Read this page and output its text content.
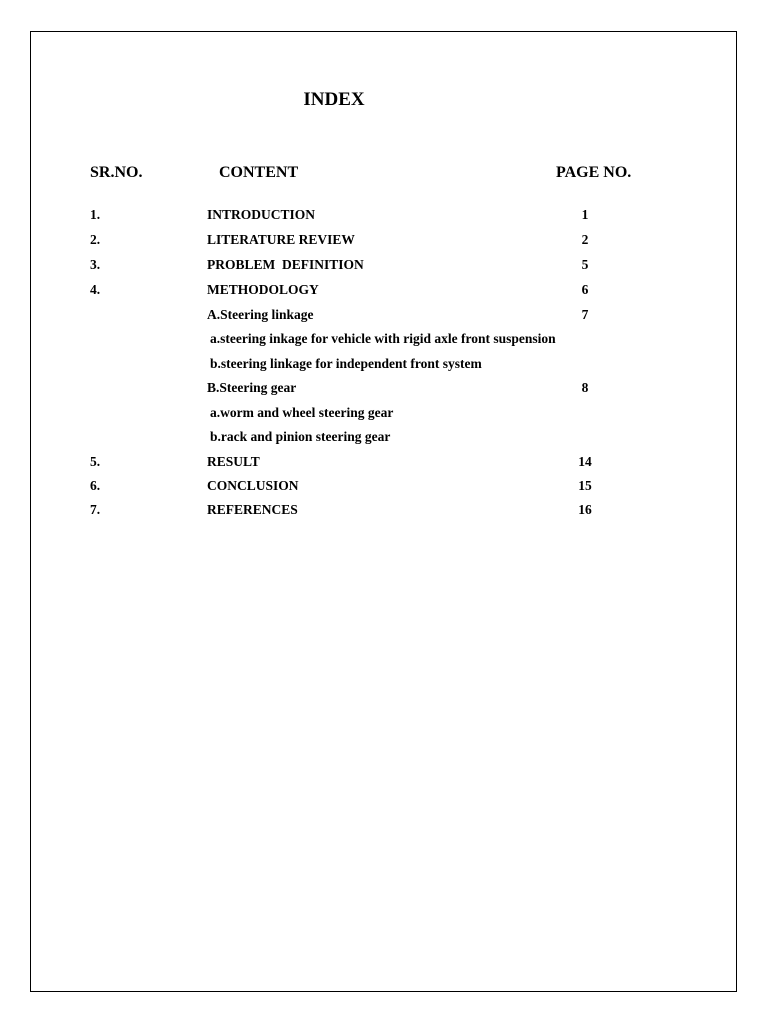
INDEX
SR.NO.	CONTENT	PAGE NO.
1.	INTRODUCTION	1
2.	LITERATURE REVIEW	2
3.	PROBLEM  DEFINITION	5
4.	METHODOLOGY	6
A.Steering linkage	7
a.steering inkage for vehicle with rigid axle front suspension
b.steering linkage for independent front system
B.Steering gear	8
a.worm and wheel steering gear
b.rack and pinion steering gear
5.	RESULT	14
6.	CONCLUSION	15
7.	REFERENCES	16
